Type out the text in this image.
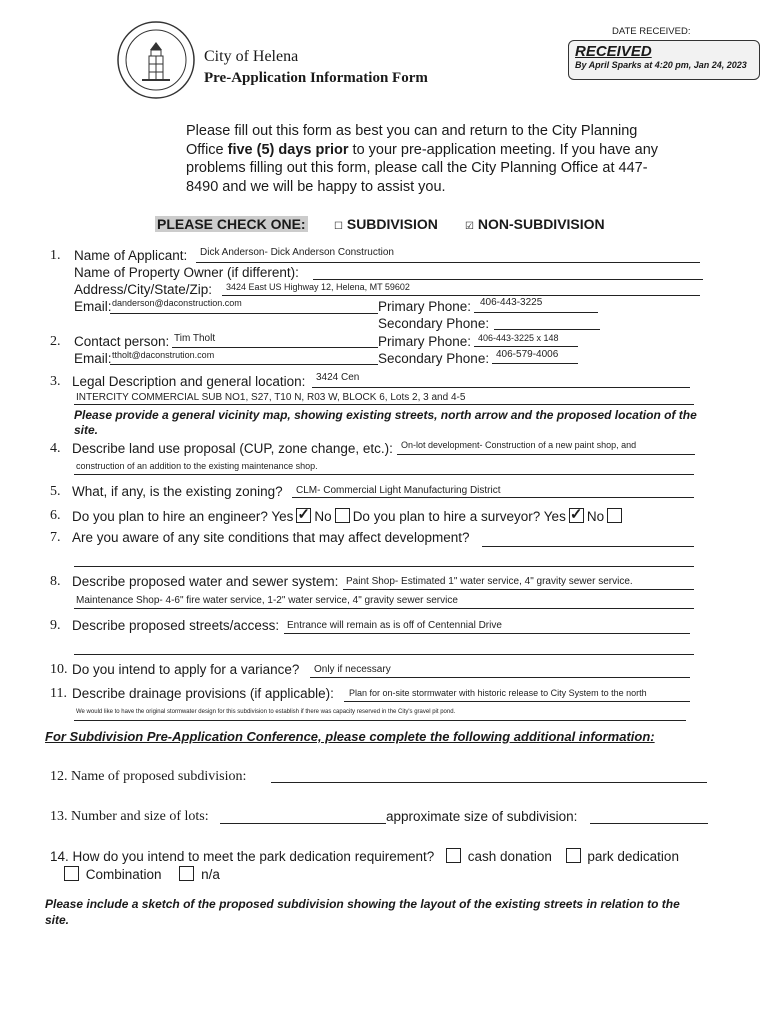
City of Helena
Pre-Application Information Form
DATE RECEIVED:
RECEIVED
By April Sparks at 4:20 pm, Jan 24, 2023
Please fill out this form as best you can and return to the City Planning Office five (5) days prior to your pre-application meeting. If you have any problems filling out this form, please call the City Planning Office at 447-8490 and we will be happy to assist you.
PLEASE CHECK ONE:	☐ SUBDIVISION	☑ NON-SUBDIVISION
1. Name of Applicant: Dick Anderson- Dick Anderson Construction
Name of Property Owner (if different):
Address/City/State/Zip: 3424 East US Highway 12, Helena, MT 59602
Email: danderson@daconstruction.com	Primary Phone: 406-443-3225
Secondary Phone:
2. Contact person: Tim Tholt	Primary Phone: 406-443-3225 x 148
Email: ttholt@daconstrution.com	Secondary Phone: 406-579-4006
3. Legal Description and general location: 3424 Cen
INTERCITY COMMERCIAL SUB NO1, S27, T10 N, R03 W, BLOCK 6, Lots 2, 3 and 4-5
Please provide a general vicinity map, showing existing streets, north arrow and the proposed location of the site.
4. Describe land use proposal (CUP, zone change, etc.): On-lot development- Construction of a new paint shop, and
construction of an addition to the existing maintenance shop.
5. What, if any, is the existing zoning? CLM- Commercial Light Manufacturing District
6. Do you plan to hire an engineer? Yes ✓ No Do you plan to hire a surveyor? Yes ✓ No
7. Are you aware of any site conditions that may affect development?
8. Describe proposed water and sewer system: Paint Shop- Estimated 1" water service, 4" gravity sewer service.
Maintenance Shop- 4-6" fire water service, 1-2" water service, 4" gravity sewer service
9. Describe proposed streets/access: Entrance will remain as is off of Centennial Drive
10. Do you intend to apply for a variance? Only if necessary
11. Describe drainage provisions (if applicable): Plan for on-site stormwater with historic release to City System to the north
We would like to have the original stormwater design for this subdivision to establish if there was capacity reserved in the City's gravel pit pond.
For Subdivision Pre-Application Conference, please complete the following additional information:
12. Name of proposed subdivision:
13. Number and size of lots:	approximate size of subdivision:
14. How do you intend to meet the park dedication requirement? cash donation	park dedication
Combination	n/a
Please include a sketch of the proposed subdivision showing the layout of the existing streets in relation to the site.
